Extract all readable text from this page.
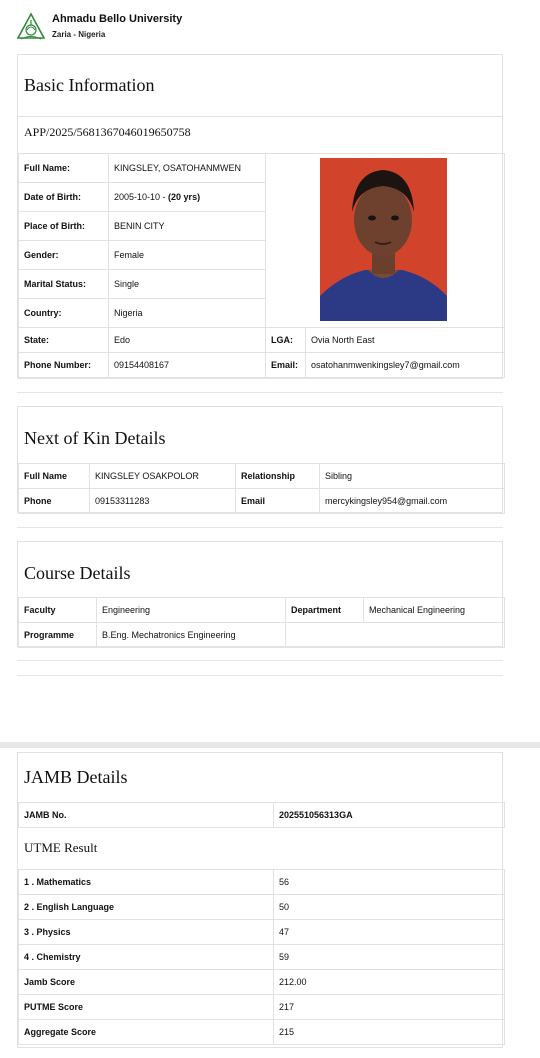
Ahmadu Bello University
Zaria - Nigeria
Basic Information
APP/2025/5681367046019650758
Full Name:	KINGSLEY, OSATOHANMWEN		
Date of Birth:	2005-10-10 - (20 yrs)		
Place of Birth:	BENIN CITY		
Gender:	Female		
Marital Status:	Single		
Country:	Nigeria		
State:	Edo	LGA:	Ovia North East
Phone Number:	09154408167	Email:	osatohanmwenkingsley7@gmail.com
Next of Kin Details
Full Name	KINGSLEY OSAKPOLOR	Relationship	Sibling
Phone	09153311283	Email	mercykingsley954@gmail.com
Course Details
Faculty	Engineering	Department	Mechanical Engineering
Programme	B.Eng. Mechatronics Engineering		
JAMB Details
JAMB No.	202551056313GA
UTME Result
1 . Mathematics	56
2 . English Language	50
3 . Physics	47
4 . Chemistry	59
Jamb Score	212.00
PUTME Score	217
Aggregate Score	215
